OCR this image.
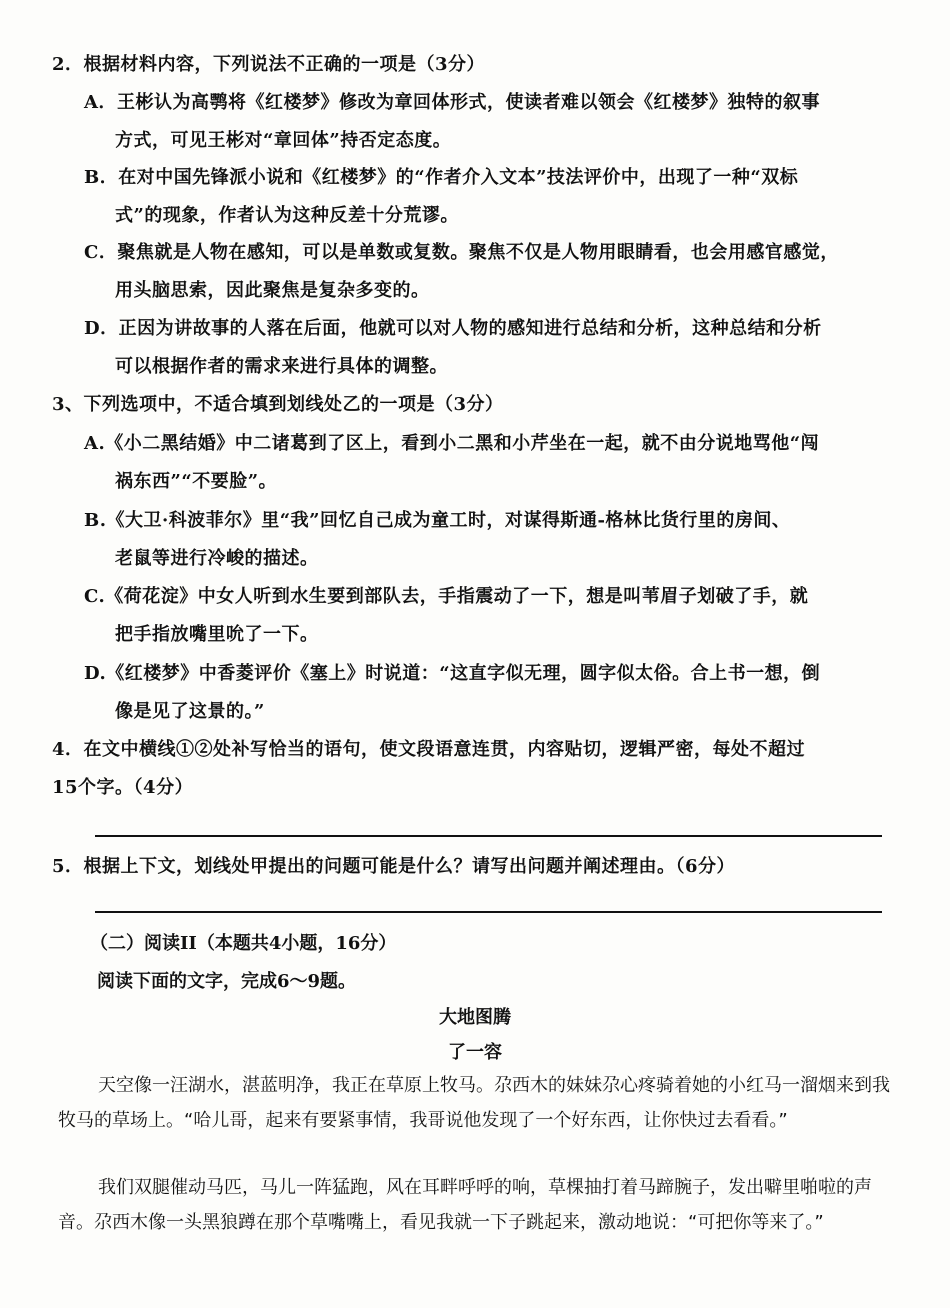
2．根据材料内容，下列说法不正确的一项是（3分）
A．王彬认为高鹗将《红楼梦》修改为章回体形式，使读者难以领会《红楼梦》独特的叙事
方式，可见王彬对“章回体”持否定态度。
B．在对中国先锋派小说和《红楼梦》的“作者介入文本”技法评价中，出现了一种“双标
式”的现象，作者认为这种反差十分荒谬。
C．聚焦就是人物在感知，可以是单数或复数。聚焦不仅是人物用眼睛看，也会用感官感觉，
用头脑思索，因此聚焦是复杂多变的。
D．正因为讲故事的人落在后面，他就可以对人物的感知进行总结和分析，这种总结和分析
可以根据作者的需求来进行具体的调整。
3、下列选项中，不适合填到划线处乙的一项是（3分）
A.《小二黑结婚》中二诸葛到了区上，看到小二黑和小芹坐在一起，就不由分说地骂他“闯
祸东西”“不要脸”。
B.《大卫·科波菲尔》里“我”回忆自己成为童工时，对谋得斯通-格林比货行里的房间、
老鼠等进行冷峻的描述。
C.《荷花淀》中女人听到水生要到部队去，手指震动了一下，想是叫苇眉子划破了手，就
把手指放嘴里吮了一下。
D.《红楼梦》中香菱评价《塞上》时说道：“这直字似无理，圆字似太俗。合上书一想，倒
像是见了这景的。”
4．在文中横线①②处补写恰当的语句，使文段语意连贯，内容贴切，逻辑严密，每处不超过
15个字。（4分）
5．根据上下文，划线处甲提出的问题可能是什么？请写出问题并阐述理由。（6分）
（二）阅读II（本题共4小题，16分）
阅读下面的文字，完成6～9题。
大地图腾
了一容
天空像一汪湖水，湛蓝明净，我正在草原上牧马。尕西木的妹妹尕心疼骑着她的小红马一溜烟来到我牧马的草场上。“哈儿哥，起来有要紧事情，我哥说他发现了一个好东西，让你快过去看看。”
我们双腿催动马匹，马儿一阵猛跑，风在耳畔呼呼的响，草棵抽打着马蹄腕子，发出噼里啪啦的声音。尕西木像一头黑狼蹲在那个草嘴嘴上，看见我就一下子跳起来，激动地说：“可把你等来了。”
